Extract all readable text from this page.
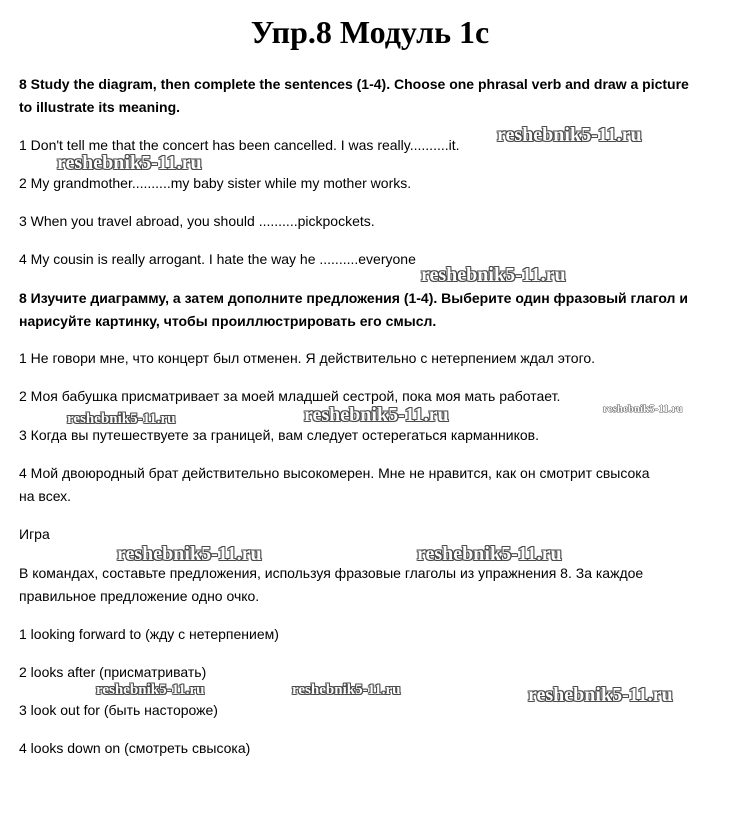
Упр.8 Модуль 1с
8 Study the diagram, then complete the sentences (1-4). Choose one phrasal verb and draw a picture
to illustrate its meaning.
1 Don't tell me that the concert has been cancelled. I was really..........it.
2 My grandmother..........my baby sister while my mother works.
3 When you travel abroad, you should ..........pickpockets.
4 My cousin is really arrogant. I hate the way he ..........everyone
8 Изучите диаграмму, а затем дополните предложения (1-4). Выберите один фразовый глагол и
нарисуйте картинку, чтобы проиллюстрировать его смысл.
1 Не говори мне, что концерт был отменен. Я действительно с нетерпением ждал этого.
2 Моя бабушка присматривает за моей младшей сестрой, пока моя мать работает.
3 Когда вы путешествуете за границей, вам следует остерегаться карманников.
4 Мой двоюродный брат действительно высокомерен. Мне не нравится, как он смотрит свысока
на всех.
Игра
В командах, составьте предложения, используя фразовые глаголы из упражнения 8. За каждое
правильное предложение одно очко.
1 looking forward to (жду с нетерпением)
2 looks after (присматривать)
3 look out for (быть настороже)
4 looks down on (смотреть свысока)
reshebnik5-11.ru
reshebnik5-11.ru
reshebnik5-11.ru
reshebnik5-11.ru	reshebnik5-11.ru	reshebnik5-11.ru
reshebnik5-11.ru	reshebnik5-11.ru
reshebnik5-11.ru	reshebnik5-11.ru	reshebnik5-11.ru
